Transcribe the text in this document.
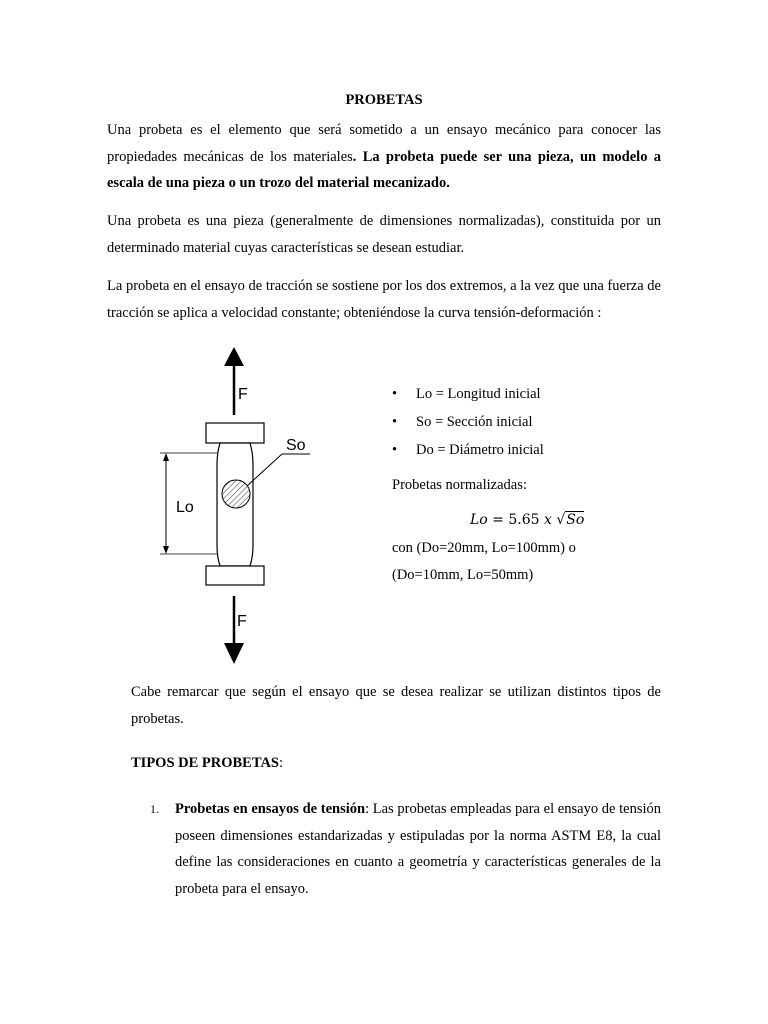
PROBETAS

Una probeta es el elemento que será sometido a un ensayo mecánico para conocer las propiedades mecánicas de los materiales. La probeta puede ser una pieza, un modelo a escala de una pieza o un trozo del material mecanizado.

Una probeta es una pieza (generalmente de dimensiones normalizadas), constituida por un determinado material cuyas características se desean estudiar.

La probeta en el ensayo de tracción se sostiene por los dos extremos, a la vez que una fuerza de tracción se aplica a velocidad constante; obteniéndose la curva tensión-deformación :

F
So
Lo
F
• Lo = Longitud inicial
• So = Sección inicial
• Do = Diámetro inicial
Probetas normalizadas:
Lo = 5.65 x √So
con (Do=20mm, Lo=100mm) o
(Do=10mm, Lo=50mm)

Cabe remarcar que según el ensayo que se desea realizar se utilizan distintos tipos de probetas.

TIPOS DE PROBETAS:
1. Probetas en ensayos de tensión: Las probetas empleadas para el ensayo de tensión poseen dimensiones estandarizadas y estipuladas por la norma ASTM E8, la cual define las consideraciones en cuanto a geometría y características generales de la probeta para el ensayo.
